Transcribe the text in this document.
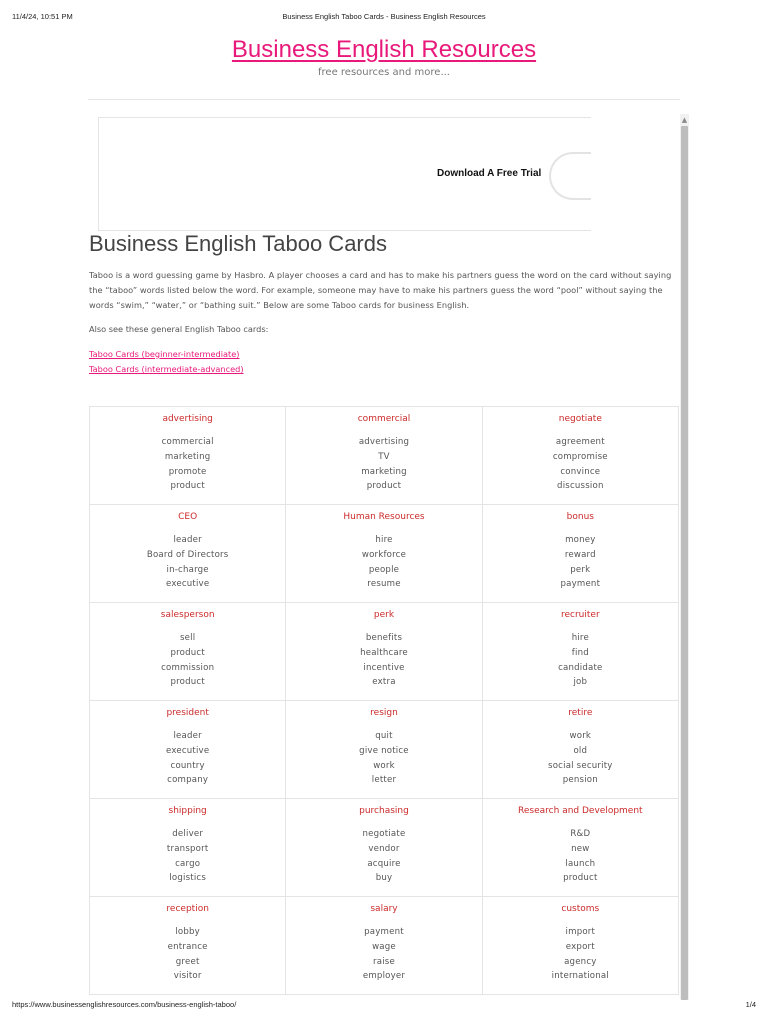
11/4/24, 10:51 PM	Business English Taboo Cards - Business English Resources
Business English Resources
free resources and more...
Download A Free Trial
▲
Business English Taboo Cards

Taboo is a word guessing game by Hasbro. A player chooses a card and has to make his partners guess the word on the card without saying the “taboo” words listed below the word. For example, someone may have to make his partners guess the word “pool” without saying the words “swim,” “water,” or “bathing suit.” Below are some Taboo cards for business English.

Also see these general English Taboo cards:

Taboo Cards (beginner-intermediate)
Taboo Cards (intermediate-advanced)
advertising
commercial
marketing
promote
product
commercial
advertising
TV
marketing
product
negotiate
agreement
compromise
convince
discussion
CEO
leader
Board of Directors
in-charge
executive
Human Resources
hire
workforce
people
resume
bonus
money
reward
perk
payment
salesperson
sell
product
commission
product
perk
benefits
healthcare
incentive
extra
recruiter
hire
find
candidate
job
president
leader
executive
country
company
resign
quit
give notice
work
letter
retire
work
old
social security
pension
shipping
deliver
transport
cargo
logistics
purchasing
negotiate
vendor
acquire
buy
Research and Development
R&D
new
launch
product
reception
lobby
entrance
greet
visitor
salary
payment
wage
raise
employer
customs
import
export
agency
international
https://www.businessenglishresources.com/business-english-taboo/	1/4
